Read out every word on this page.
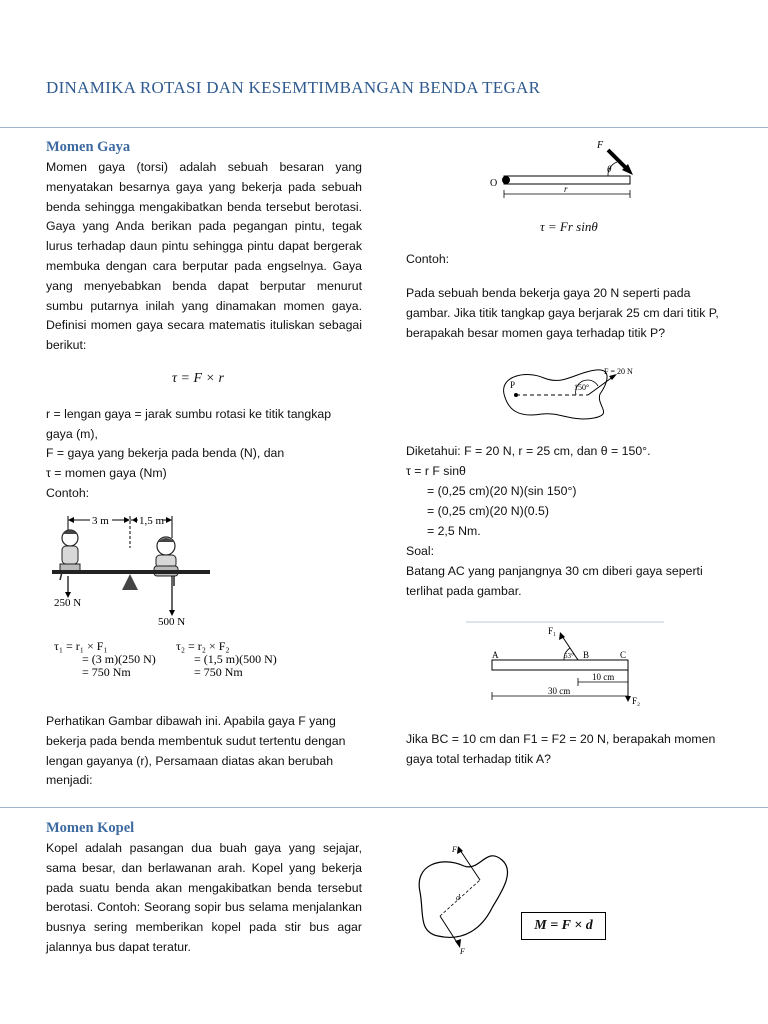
DINAMIKA ROTASI DAN KESEMTIMBANGAN BENDA TEGAR
Momen Gaya

Momen gaya (torsi) adalah sebuah besaran yang menyatakan besarnya gaya yang bekerja pada sebuah benda sehingga mengakibatkan benda tersebut berotasi. Gaya yang Anda berikan pada pegangan pintu, tegak lurus terhadap daun pintu sehingga pintu dapat bergerak membuka dengan cara berputar pada engselnya. Gaya yang menyebabkan benda dapat berputar menurut sumbu putarnya inilah yang dinamakan momen gaya. Definisi momen gaya secara matematis ituliskan sebagai berikut:

τ = F × r
r = lengan gaya = jarak sumbu rotasi ke titik tangkap gaya (m),
F = gaya yang bekerja pada benda (N), dan
τ = momen gaya (Nm)
Contoh:
3 m	1,5 m
250 N
500 N
τ₁ = r₁ × F₁
= (3 m)(250 N)
= 750 Nm
τ₂ = r₂ × F₂
= (1,5 m)(500 N)
= 750 Nm
Perhatikan Gambar dibawah ini. Apabila gaya F yang bekerja pada benda membentuk sudut tertentu dengan lengan gayanya (r), Persamaan diatas akan berubah menjadi:
O
F
θ
r
τ = Fr sinθ
Contoh:
Pada sebuah benda bekerja gaya 20 N seperti pada gambar. Jika titik tangkap gaya berjarak 25 cm dari titik P, berapakah besar momen gaya terhadap titik P?
P	150°
F = 20 N
Diketahui: F = 20 N, r = 25 cm, dan θ = 150°.
τ = r F sinθ
= (0,25 cm)(20 N)(sin 150°)
= (0,25 cm)(20 N)(0.5)
= 2,5 Nm.
Soal:
Batang AC yang panjangnya 30 cm diberi gaya seperti terlihat pada gambar.
A	B	C
F₁
53°
F₂
10 cm
30 cm
Jika BC = 10 cm dan F1 = F2 = 20 N, berapakah momen gaya total terhadap titik A?
Momen Kopel

Kopel adalah pasangan dua buah gaya yang sejajar, sama besar, dan berlawanan arah. Kopel yang bekerja pada suatu benda akan mengakibatkan benda tersebut berotasi. Contoh: Seorang sopir bus selama menjalankan busnya sering memberikan kopel pada stir bus agar jalannya bus dapat teratur.

F
F
d
M = F × d
